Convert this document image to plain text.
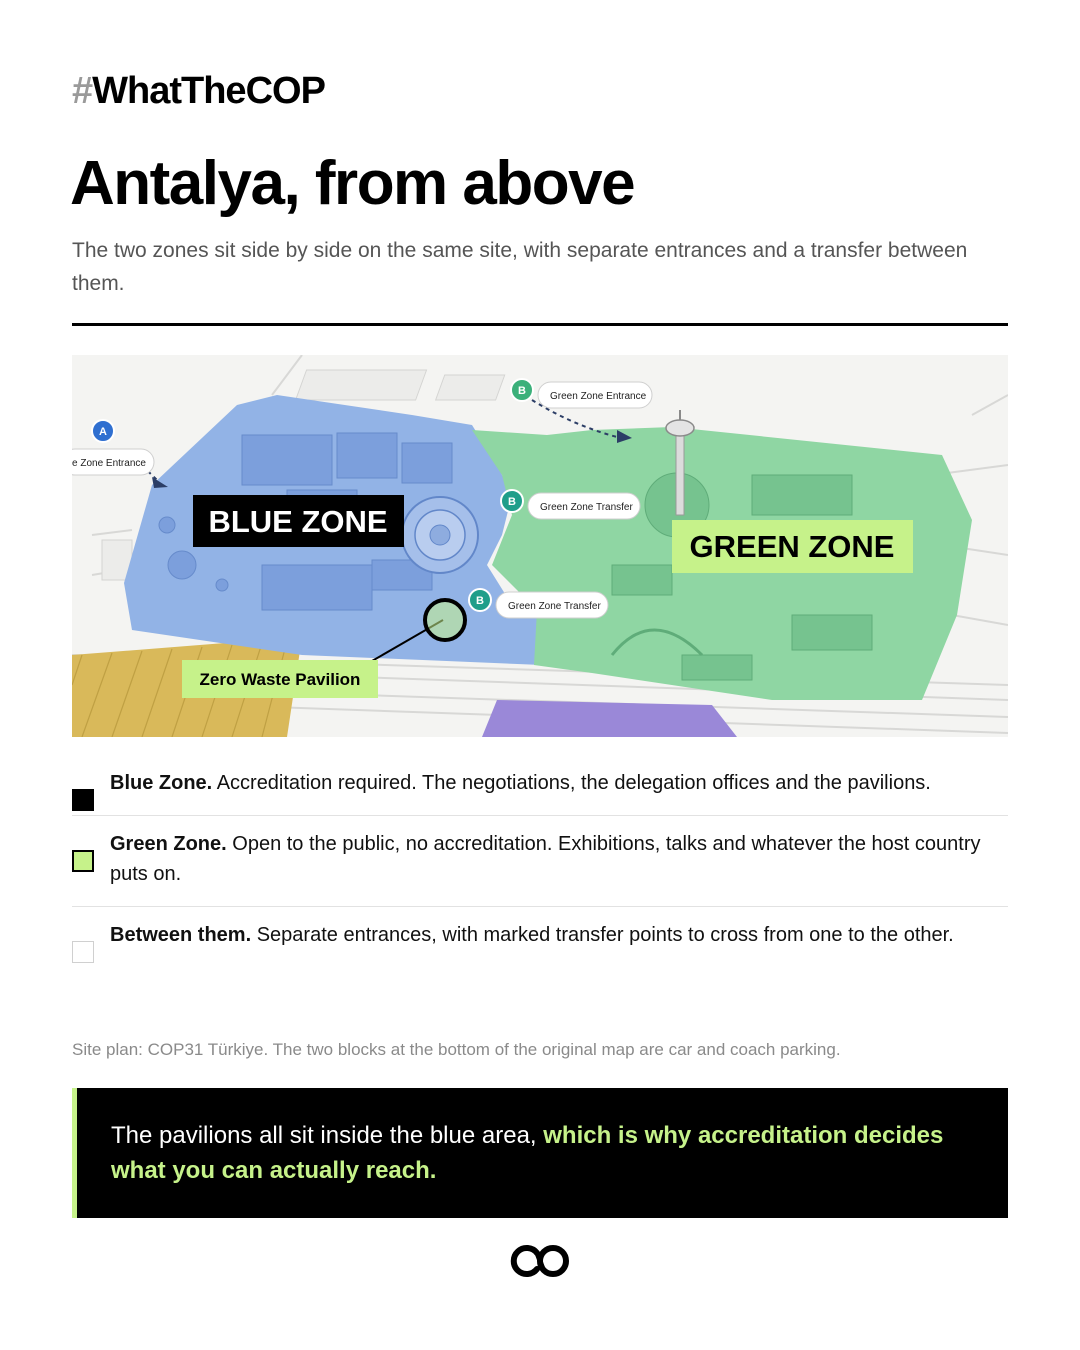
#WhatTheCOP
Antalya, from above

The two zones sit side by side on the same site, with separate entrances and a transfer between them.

e Zone Entrance
A
Green Zone Entrance
B
Green Zone Transfer
B
Green Zone Transfer
B
BLUE ZONE
GREEN ZONE
Zero Waste Pavilion
Blue Zone. Accreditation required. The negotiations, the delegation offices and the pavilions.
Green Zone. Open to the public, no accreditation. Exhibitions, talks and whatever the host country puts on.
Between them. Separate entrances, with marked transfer points to cross from one to the other.

Site plan: COP31 Türkiye. The two blocks at the bottom of the original map are car and coach parking.

The pavilions all sit inside the blue area, which is why accreditation decides what you can actually reach.
